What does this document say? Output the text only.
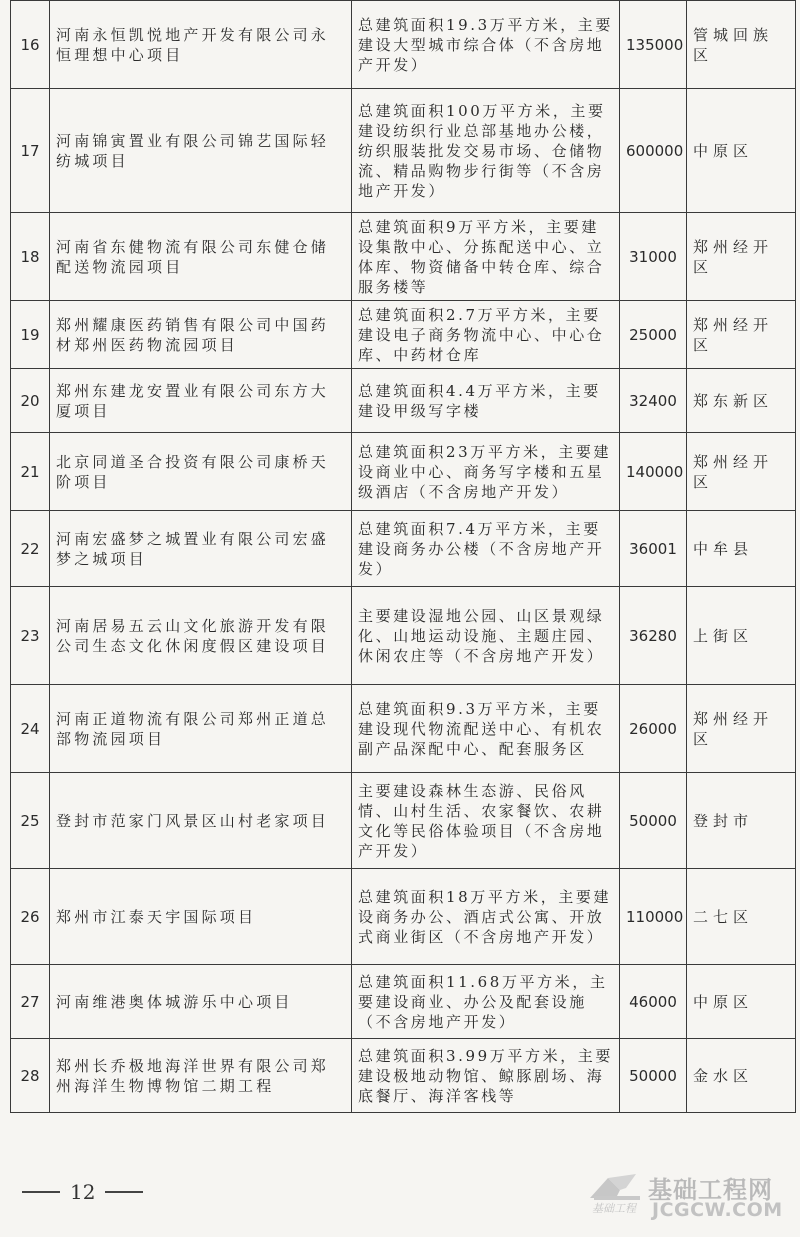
16	河南永恒凯悦地产开发有限公司永恒理想中心项目	总建筑面积19.3万平方米，主要建设大型城市综合体（不含房地产开发）	135000	管城回族区
17	河南锦寅置业有限公司锦艺国际轻纺城项目	总建筑面积100万平方米，主要建设纺织行业总部基地办公楼，纺织服装批发交易市场、仓储物流、精品购物步行街等（不含房地产开发）	600000	中原区
18	河南省东健物流有限公司东健仓储配送物流园项目	总建筑面积9万平方米，主要建设集散中心、分拣配送中心、立体库、物资储备中转仓库、综合服务楼等	31000	郑州经开区
19	郑州耀康医药销售有限公司中国药材郑州医药物流园项目	总建筑面积2.7万平方米，主要建设电子商务物流中心、中心仓库、中药材仓库	25000	郑州经开区
20	郑州东建龙安置业有限公司东方大厦项目	总建筑面积4.4万平方米，主要建设甲级写字楼	32400	郑东新区
21	北京同道圣合投资有限公司康桥天阶项目	总建筑面积23万平方米，主要建设商业中心、商务写字楼和五星级酒店（不含房地产开发）	140000	郑州经开区
22	河南宏盛梦之城置业有限公司宏盛梦之城项目	总建筑面积7.4万平方米，主要建设商务办公楼（不含房地产开发）	36001	中牟县
23	河南居易五云山文化旅游开发有限公司生态文化休闲度假区建设项目	主要建设湿地公园、山区景观绿化、山地运动设施、主题庄园、休闲农庄等（不含房地产开发）	36280	上街区
24	河南正道物流有限公司郑州正道总部物流园项目	总建筑面积9.3万平方米，主要建设现代物流配送中心、有机农副产品深配中心、配套服务区	26000	郑州经开区
25	登封市范家门风景区山村老家项目	主要建设森林生态游、民俗风情、山村生活、农家餐饮、农耕文化等民俗体验项目（不含房地产开发）	50000	登封市
26	郑州市江泰天宇国际项目	总建筑面积18万平方米，主要建设商务办公、酒店式公寓、开放式商业街区（不含房地产开发）	110000	二七区
27	河南维港奥体城游乐中心项目	总建筑面积11.68万平方米，主要建设商业、办公及配套设施（不含房地产开发）	46000	中原区
28	郑州长乔极地海洋世界有限公司郑州海洋生物博物馆二期工程	总建筑面积3.99万平方米，主要建设极地动物馆、鲸豚剧场、海底餐厅、海洋客栈等	50000	金水区
12	基础工程网
基础工程 JCGCW.COM
